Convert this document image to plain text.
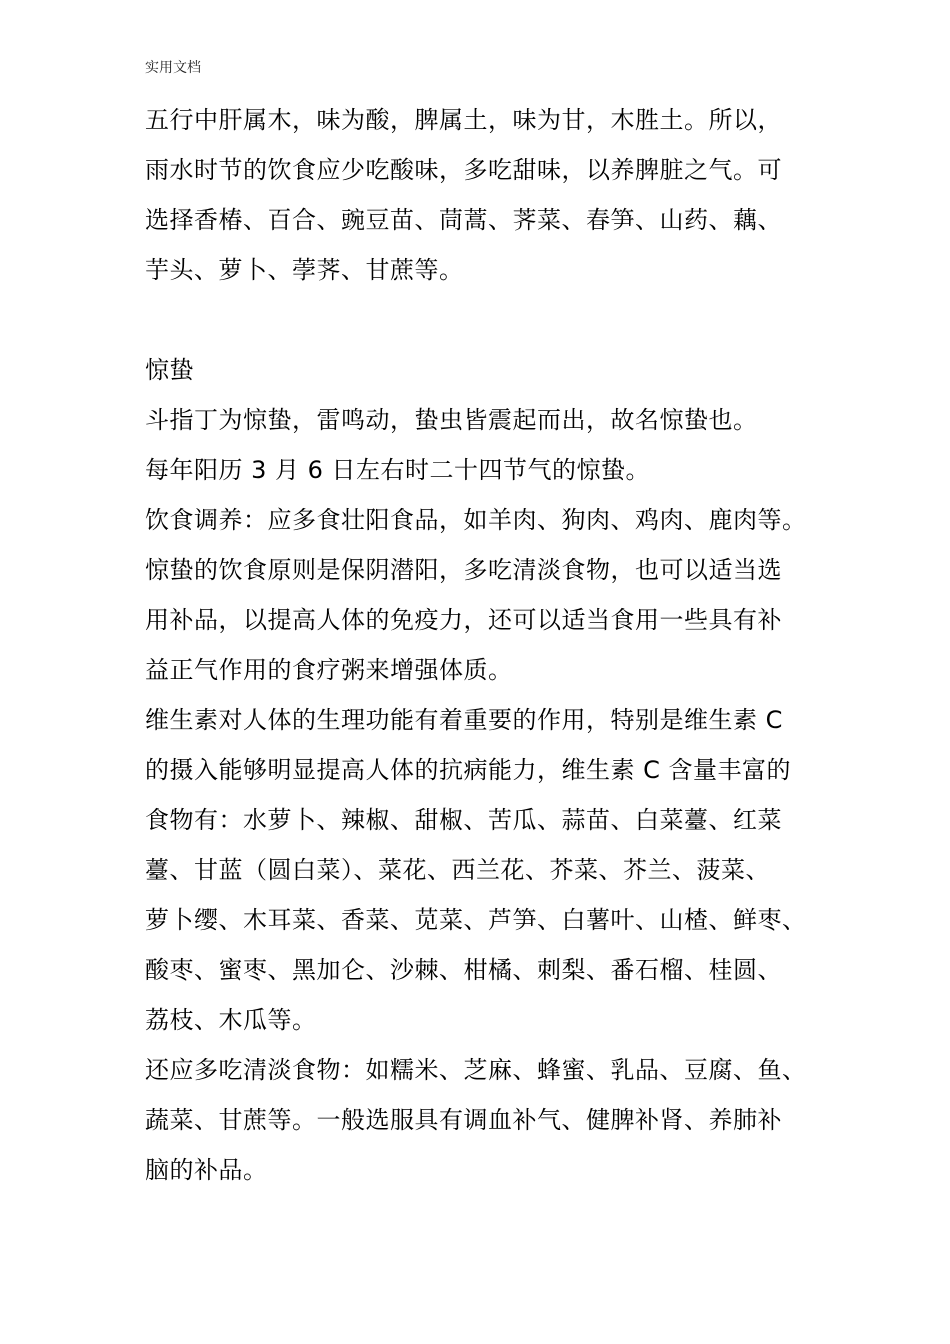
实用文档
五行中肝属木，味为酸，脾属土，味为甘，木胜土。所以，
雨水时节的饮食应少吃酸味，多吃甜味，以养脾脏之气。可
选择香椿、百合、豌豆苗、茼蒿、荠菜、春笋、山药、藕、
芋头、萝卜、荸荠、甘蔗等。
惊蛰
斗指丁为惊蛰，雷鸣动，蛰虫皆震起而出，故名惊蛰也。
每年阳历 3 月 6 日左右时二十四节气的惊蛰。
饮食调养：应多食壮阳食品，如羊肉、狗肉、鸡肉、鹿肉等。
惊蛰的饮食原则是保阴潜阳，多吃清淡食物，也可以适当选
用补品，以提高人体的免疫力，还可以适当食用一些具有补
益正气作用的食疗粥来增强体质。
维生素对人体的生理功能有着重要的作用，特别是维生素 C
的摄入能够明显提高人体的抗病能力，维生素 C 含量丰富的
食物有：水萝卜、辣椒、甜椒、苦瓜、蒜苗、白菜薹、红菜
薹、甘蓝（圆白菜）、菜花、西兰花、芥菜、芥兰、菠菜、
萝卜缨、木耳菜、香菜、苋菜、芦笋、白薯叶、山楂、鲜枣、
酸枣、蜜枣、黑加仑、沙棘、柑橘、刺梨、番石榴、桂圆、
荔枝、木瓜等。
还应多吃清淡食物：如糯米、芝麻、蜂蜜、乳品、豆腐、鱼、
蔬菜、甘蔗等。一般选服具有调血补气、健脾补肾、养肺补
脑的补品。
